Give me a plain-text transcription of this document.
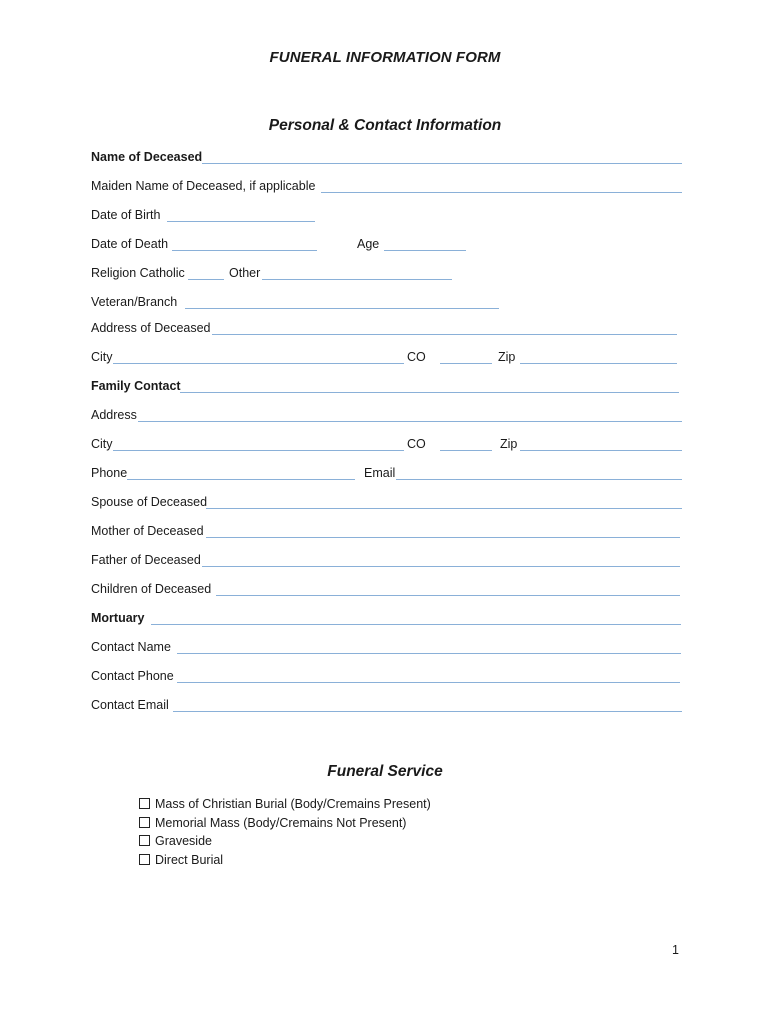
FUNERAL INFORMATION FORM
Personal & Contact Information
Name of Deceased
Maiden Name of Deceased, if applicable
Date of Birth
Date of Death	Age
Religion Catholic	Other
Veteran/Branch
Address of Deceased
City	CO	Zip
Family Contact
Address
City	CO	Zip
Phone	Email
Spouse of Deceased
Mother of Deceased
Father of Deceased
Children of Deceased
Mortuary
Contact Name
Contact Phone
Contact Email
Funeral Service
Mass of Christian Burial (Body/Cremains Present)
Memorial Mass (Body/Cremains Not Present)
Graveside
Direct Burial
1
